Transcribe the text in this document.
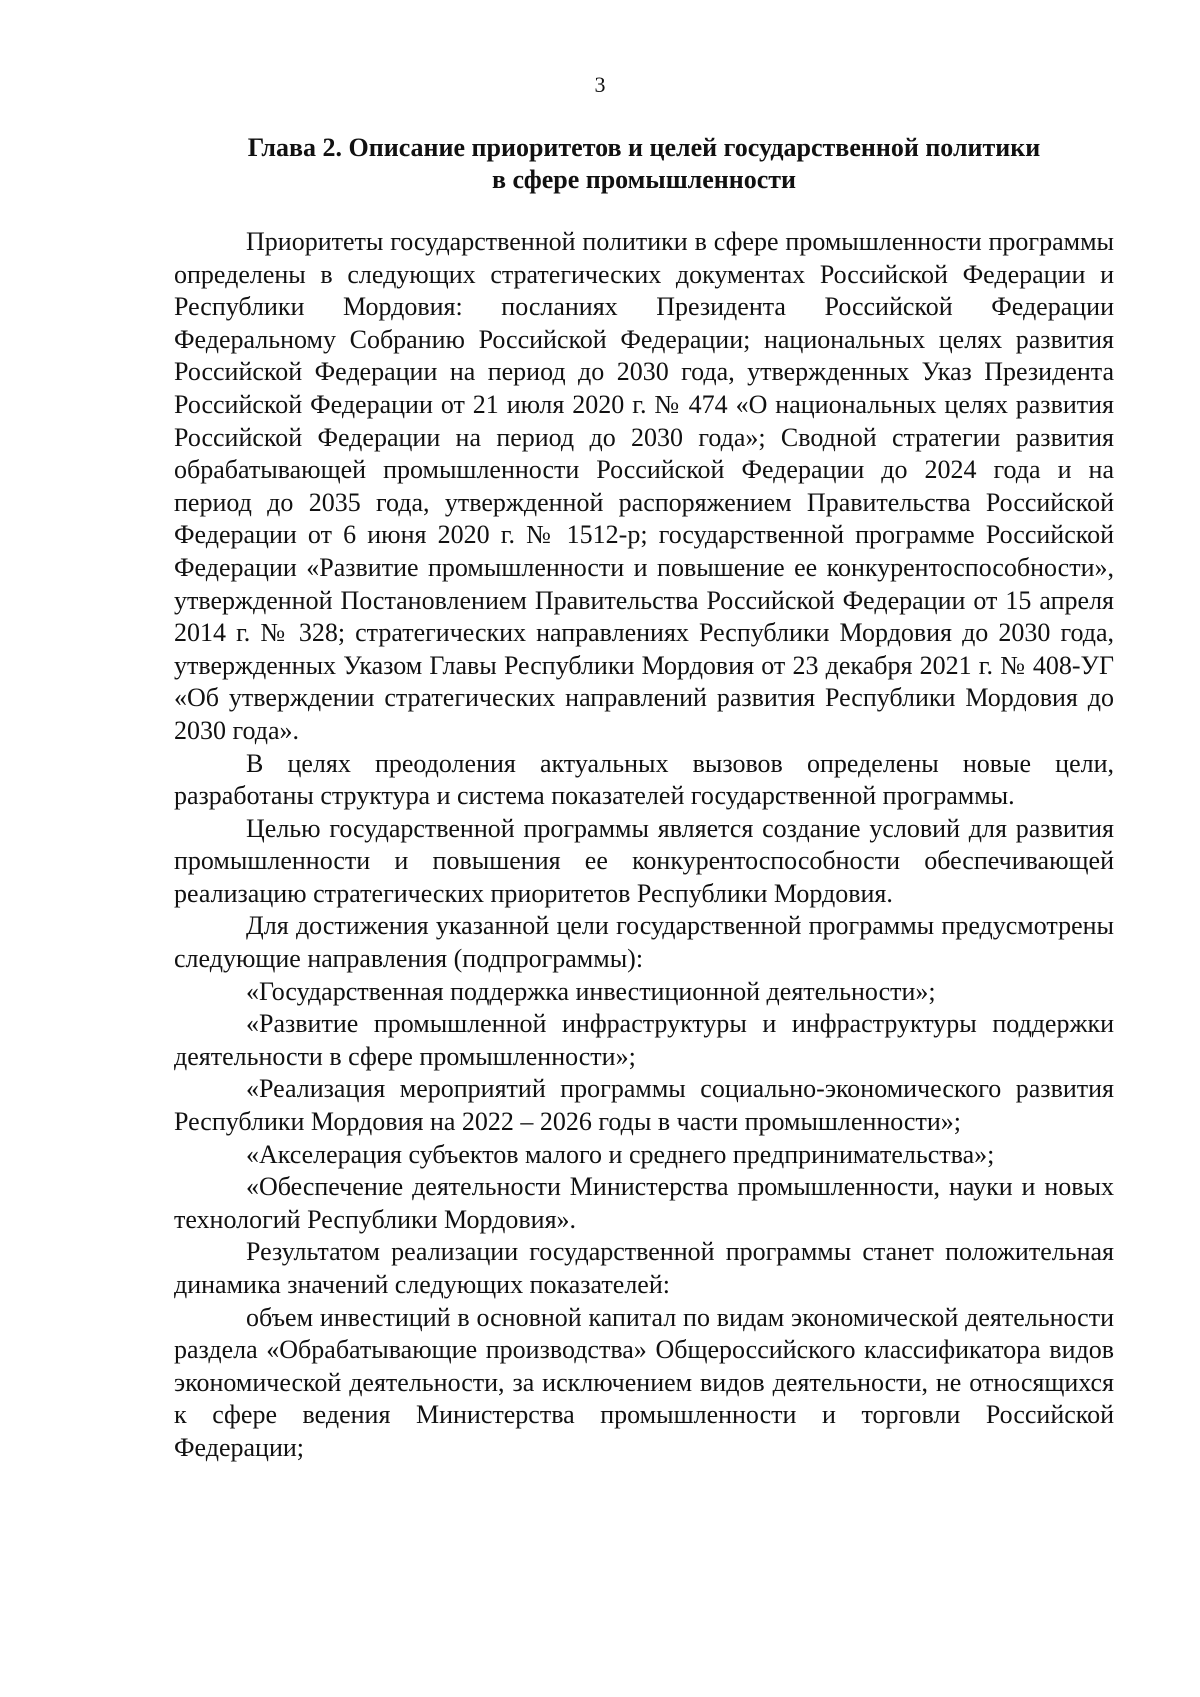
3
Глава 2. Описание приоритетов и целей государственной политики
в сфере промышленности

Приоритеты государственной политики в сфере промышленности программы определены в следующих стратегических документах Российской Федерации и Республики Мордовия: посланиях Президента Российской Федерации Федеральному Собранию Российской Федерации; национальных целях развития Российской Федерации на период до 2030 года, утвержденных Указ Президента Российской Федерации от 21 июля 2020 г. № 474 «О национальных целях развития Российской Федерации на период до 2030 года»; Сводной стратегии развития обрабатывающей промышленности Российской Федерации до 2024 года и на период до 2035 года, утвержденной распоряжением Правительства Российской Федерации от 6 июня 2020 г. № 1512-р; государственной программе Российской Федерации «Развитие промышленности и повышение ее конкурентоспособности», утвержденной Постановлением Правительства Российской Федерации от 15 апреля 2014 г. № 328; стратегических направлениях Республики Мордовия до 2030 года, утвержденных Указом Главы Республики Мордовия от 23 декабря 2021 г. № 408-УГ «Об утверждении стратегических направлений развития Республики Мордовия до 2030 года».

В целях преодоления актуальных вызовов определены новые цели, разработаны структура и система показателей государственной программы.

Целью государственной программы является создание условий для развития промышленности и повышения ее конкурентоспособности обеспечивающей реализацию стратегических приоритетов Республики Мордовия.

Для достижения указанной цели государственной программы предусмотрены следующие направления (подпрограммы):

«Государственная поддержка инвестиционной деятельности»;

«Развитие промышленной инфраструктуры и инфраструктуры поддержки деятельности в сфере промышленности»;

«Реализация мероприятий программы социально-экономического развития Республики Мордовия на 2022 – 2026 годы в части промышленности»;

«Акселерация субъектов малого и среднего предпринимательства»;

«Обеспечение деятельности Министерства промышленности, науки и новых технологий Республики Мордовия».

Результатом реализации государственной программы станет положительная динамика значений следующих показателей:

объем инвестиций в основной капитал по видам экономической деятельности раздела «Обрабатывающие производства» Общероссийского классификатора видов экономической деятельности, за исключением видов деятельности, не относящихся к сфере ведения Министерства промышленности и торговли Российской Федерации;
